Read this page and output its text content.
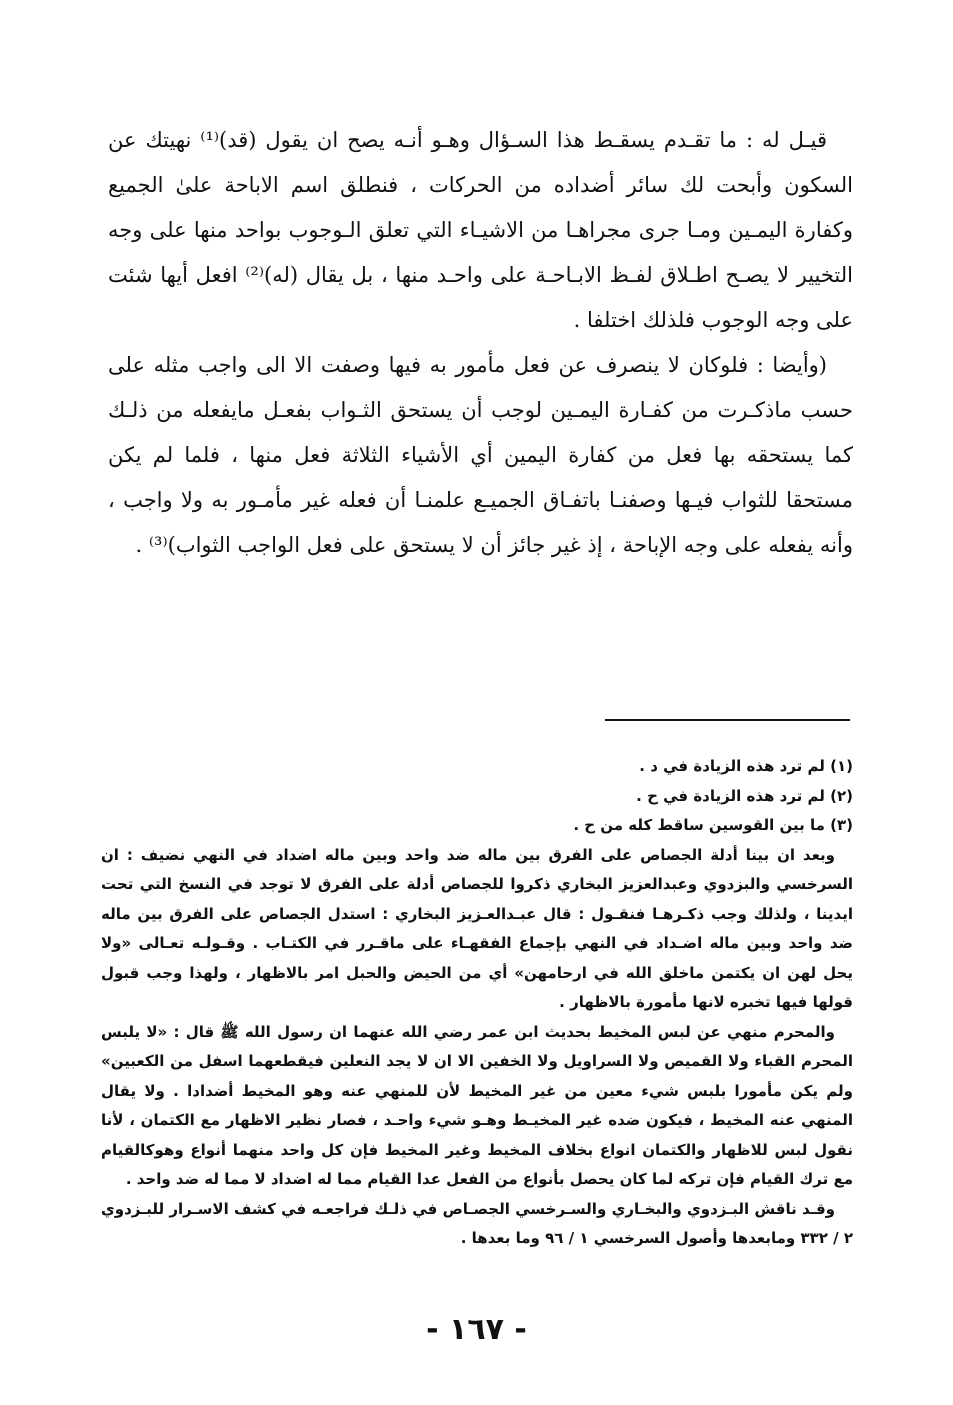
قيـل له : ما تقـدم يسقـط هذا السـؤال وهـو أنـه يصح ان يقول (قد)⁽¹⁾ نهيتك عن السكون وأبحت لك سائر أضداده من الحركات ، فنطلق اسم الاباحة علىٰ الجميع وكفارة اليمـين ومـا جرى مجراهـا من الاشيـاء التي تعلق الـوجوب بواحد منها على وجه التخيير لا يصـح اطـلاق لفـظ الابـاحـة على واحـد منها ، بل يقال (له)⁽²⁾ افعل أيها شئت على وجه الوجوب فلذلك اختلفا .

(وأيضا : فلوكان لا ينصرف عن فعل مأمور به فيها وصفت الا الى واجب مثله على حسب ماذكـرت من كفـارة اليمـين لوجب أن يستحق الثـواب بفعـل مايفعله من ذلـك كما يستحقه بها فعل من كفارة اليمين أي الأشياء الثلاثة فعل منها ، فلما لم يكن مستحقا للثواب فيـها وصفنـا باتفـاق الجميـع علمنـا أن فعله غير مأمـور به ولا واجب ، وأنه يفعله على وجه الإباحة ، إذ غير جائز أن لا يستحق على فعل الواجب الثواب)⁽³⁾ .

(١) لم ترد هذه الزيادة في د .

(٢) لم ترد هذه الزيادة في ح .

(٣) ما بين القوسين ساقط كله من ح .

وبعد ان بينا أدلة الجصاص على الفرق بين ماله ضد واحد وبين ماله اضداد في النهي نضيف : ان السرخسي والبزدوي وعبدالعزيز البخاري ذكروا للجصاص أدلة على الفرق لا توجد في النسخ التي تحت ايدينا ، ولذلك وجب ذكـرهـا فنقـول : قال عبـدالعـزيز البخاري : استدل الجصاص على الفرق بين ماله ضد واحد وبين ماله اضـداد في النهي بإجماع الفقهـاء على ماقـرر في الكتـاب . وقـولـه تعـالى «ولا يحل لهن ان يكتمن ماخلق الله في ارحامهن» أي من الحيض والحبل امر بالاظهار ، ولهذا وجب قبول قولها فيها تخبره لانها مأمورة بالاظهار .

والمحرم منهي عن لبس المخيط بحديث ابن عمر رضي الله عنهما ان رسول الله ﷺ قال : «لا يلبس المحرم القباء ولا القميص ولا السراويل ولا الخفين الا ان لا يجد النعلين فيقطعهما اسفل من الكعبين» ولم يكن مأمورا بلبس شيء معين من غير المخيط لأن للمنهي عنه وهو المخيط أضدادا . ولا يقال المنهي عنه المخيط ، فيكون ضده غير المخيـط وهـو شيء واحـد ، فصار نظير الاظهار مع الكتمان ، لأنا نقول لبس للاظهار والكتمان انواع بخلاف المخيط وغير المخيط فإن كل واحد منهما أنواع وهوكالقيام مع ترك القيام فإن تركه لما كان يحصل بأنواع من الفعل عدا القيام مما له اضداد لا مما له ضد واحد .

وقـد ناقش البـزدوي والبخـاري والسـرخسي الجصـاص في ذلـك فراجعـه في كشف الاسـرار للبـزدوي ٢ / ٣٣٢ ومابعدها وأصول السرخسي ١ / ٩٦ وما بعدها .

- ١٦٧ -
